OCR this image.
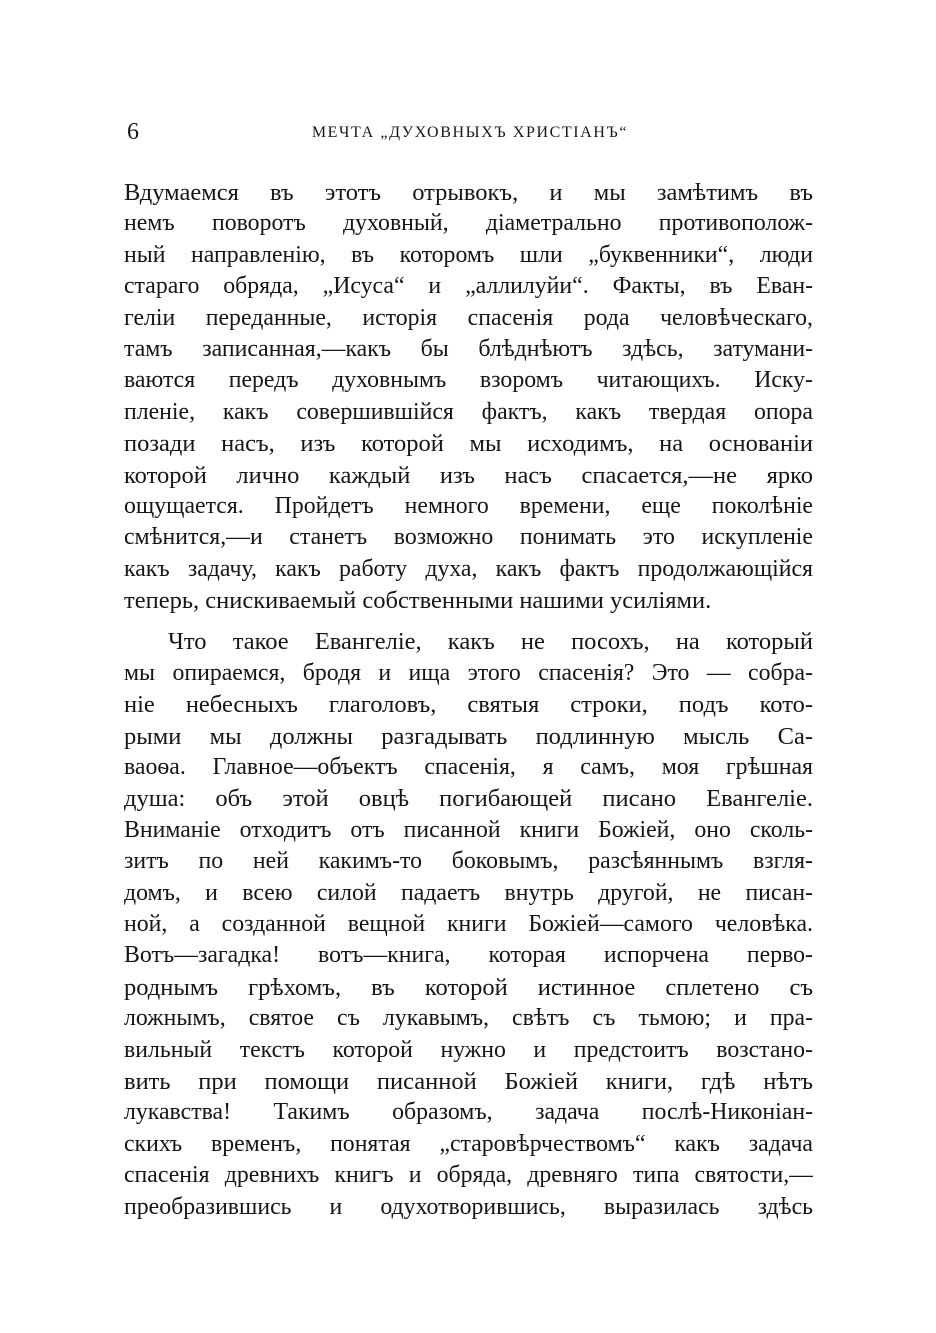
6	МЕЧТА „ДУХОВНЫХЪ ХРИСТІАНЪ“
Вдумаемся въ этотъ отрывокъ, и мы замѣтимъ въ
немъ поворотъ духовный, діаметрально противополож-
ный направленію, въ которомъ шли „буквенники“, люди
стараго обряда, „Исуса“ и „аллилуйи“. Факты, въ Еван-
геліи переданные, исторія спасенія рода человѣческаго,
тамъ записанная,—какъ бы блѣднѣютъ здѣсь, затумани-
ваются передъ духовнымъ взоромъ читающихъ. Иску-
пленіе, какъ совершившійся фактъ, какъ твердая опора
позади насъ, изъ которой мы исходимъ, на основаніи
которой лично каждый изъ насъ спасается,—не ярко
ощущается. Пройдетъ немного времени, еще поколѣніе
смѣнится,—и станетъ возможно понимать это искупленіе
какъ задачу, какъ работу духа, какъ фактъ продолжающійся
теперь, снискиваемый собственными нашими усиліями.
Что такое Евангеліе, какъ не посохъ, на который
мы опираемся, бродя и ища этого спасенія? Это — собра-
ніе небесныхъ глаголовъ, святыя строки, подъ кото-
рыми мы должны разгадывать подлинную мысль Са-
ваоѳа. Главное—объектъ спасенія, я самъ, моя грѣшная
душа: объ этой овцѣ погибающей писано Евангеліе.
Вниманіе отходитъ отъ писанной книги Божіей, оно сколь-
зитъ по ней какимъ-то боковымъ, разсѣяннымъ взгля-
домъ, и всею силой падаетъ внутрь другой, не писан-
ной, а созданной вещной книги Божіей—самого человѣка.
Вотъ—загадка! вотъ—книга, которая испорчена перво-
роднымъ грѣхомъ, въ которой истинное сплетено съ
ложнымъ, святое съ лукавымъ, свѣтъ съ тьмою; и пра-
вильный текстъ которой нужно и предстоитъ возстано-
вить при помощи писанной Божіей книги, гдѣ нѣтъ
лукавства! Такимъ образомъ, задача послѣ-Никоніан-
скихъ временъ, понятая „старовѣрчествомъ“ какъ задача
спасенія древнихъ книгъ и обряда, древняго типа святости,—
преобразившись и одухотворившись, выразилась здѣсь
